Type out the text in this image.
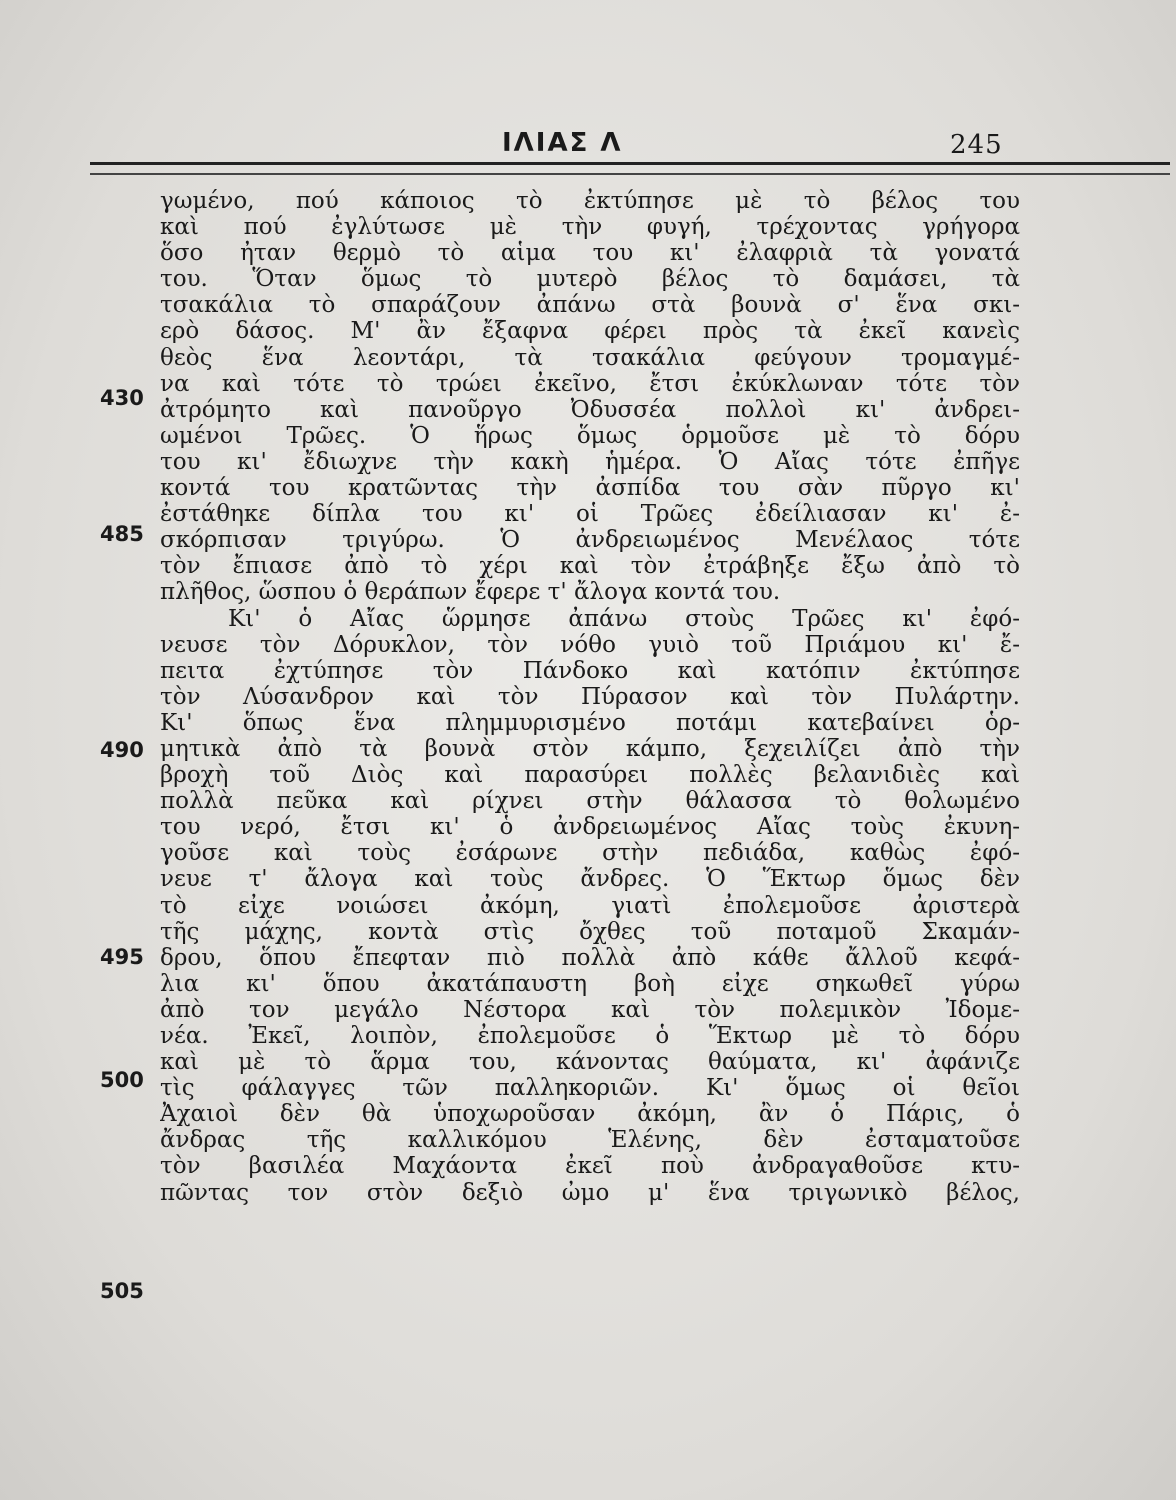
ΙΛΙΑΣ Λ	245
430
485
490
495
500
505
γωμένο, πού κάποιος τὸ ἐκτύπησε μὲ τὸ βέλος του
καὶ πού ἐγλύτωσε μὲ τὴν φυγή, τρέχοντας γρήγορα
ὅσο ἦταν θερμὸ τὸ αἷμα του κι' ἐλαφριὰ τὰ γονατά
του. Ὅταν ὅμως τὸ μυτερὸ βέλος τὸ δαμάσει, τὰ
τσακάλια τὸ σπαράζουν ἀπάνω στὰ βουνὰ σ' ἕνα σκι-
ερὸ δάσος. Μ' ἂν ἔξαφνα φέρει πρὸς τὰ ἐκεῖ κανεὶς
θεὸς ἕνα λεοντάρι, τὰ τσακάλια φεύγουν τρομαγμέ-
να καὶ τότε τὸ τρώει ἐκεῖνο, ἔτσι ἐκύκλωναν τότε τὸν
ἀτρόμητο καὶ πανοῦργο Ὀδυσσέα πολλοὶ κι' ἀνδρει-
ωμένοι Τρῶες. Ὁ ἥρως ὅμως ὁρμοῦσε μὲ τὸ δόρυ
του κι' ἔδιωχνε τὴν κακὴ ἡμέρα. Ὁ Αἴας τότε ἐπῆγε
κοντά του κρατῶντας τὴν ἀσπίδα του σὰν πῦργο κι'
ἐστάθηκε δίπλα του κι' οἱ Τρῶες ἐδείλιασαν κι' ἐ-
σκόρπισαν τριγύρω. Ὁ ἀνδρειωμένος Μενέλαος τότε
τὸν ἔπιασε ἀπὸ τὸ χέρι καὶ τὸν ἐτράβηξε ἔξω ἀπὸ τὸ
πλῆθος, ὥσπου ὁ θεράπων ἔφερε τ' ἄλογα κοντά του.
Κι' ὁ Αἴας ὥρμησε ἀπάνω στοὺς Τρῶες κι' ἐφό-
νευσε τὸν Δόρυκλον, τὸν νόθο γυιὸ τοῦ Πριάμου κι' ἔ-
πειτα ἐχτύπησε τὸν Πάνδοκο καὶ κατόπιν ἐκτύπησε
τὸν Λύσανδρον καὶ τὸν Πύρασον καὶ τὸν Πυλάρτην.
Κι' ὅπως ἕνα πλημμυρισμένο ποτάμι κατεβαίνει ὁρ-
μητικὰ ἀπὸ τὰ βουνὰ στὸν κάμπο, ξεχειλίζει ἀπὸ τὴν
βροχὴ τοῦ Διὸς καὶ παρασύρει πολλὲς βελανιδιὲς καὶ
πολλὰ πεῦκα καὶ ρίχνει στὴν θάλασσα τὸ θολωμένο
του νερό, ἔτσι κι' ὁ ἀνδρειωμένος Αἴας τοὺς ἐκυνη-
γοῦσε καὶ τοὺς ἐσάρωνε στὴν πεδιάδα, καθὼς ἐφό-
νευε τ' ἄλογα καὶ τοὺς ἄνδρες. Ὁ Ἕκτωρ ὅμως δὲν
τὸ εἶχε νοιώσει ἀκόμη, γιατὶ ἐπολεμοῦσε ἀριστερὰ
τῆς μάχης, κοντὰ στὶς ὄχθες τοῦ ποταμοῦ Σκαμάν-
δρου, ὅπου ἔπεφταν πιὸ πολλὰ ἀπὸ κάθε ἄλλοῦ κεφά-
λια κι' ὅπου ἀκατάπαυστη βοὴ εἶχε σηκωθεῖ γύρω
ἀπὸ τον μεγάλο Νέστορα καὶ τὸν πολεμικὸν Ἰδομε-
νέα. Ἐκεῖ, λοιπὸν, ἐπολεμοῦσε ὁ Ἕκτωρ μὲ τὸ δόρυ
καὶ μὲ τὸ ἅρμα του, κάνοντας θαύματα, κι' ἀφάνιζε
τὶς φάλαγγες τῶν παλληκοριῶν. Κι' ὅμως οἱ θεῖοι
Ἀχαιοὶ δὲν θὰ ὑποχωροῦσαν ἀκόμη, ἂν ὁ Πάρις, ὁ
ἄνδρας τῆς καλλικόμου Ἑλένης, δὲν ἐσταματοῦσε
τὸν βασιλέα Μαχάοντα ἐκεῖ ποὺ ἀνδραγαθοῦσε κτυ-
πῶντας τον στὸν δεξιὸ ὦμο μ' ἕνα τριγωνικὸ βέλος,
